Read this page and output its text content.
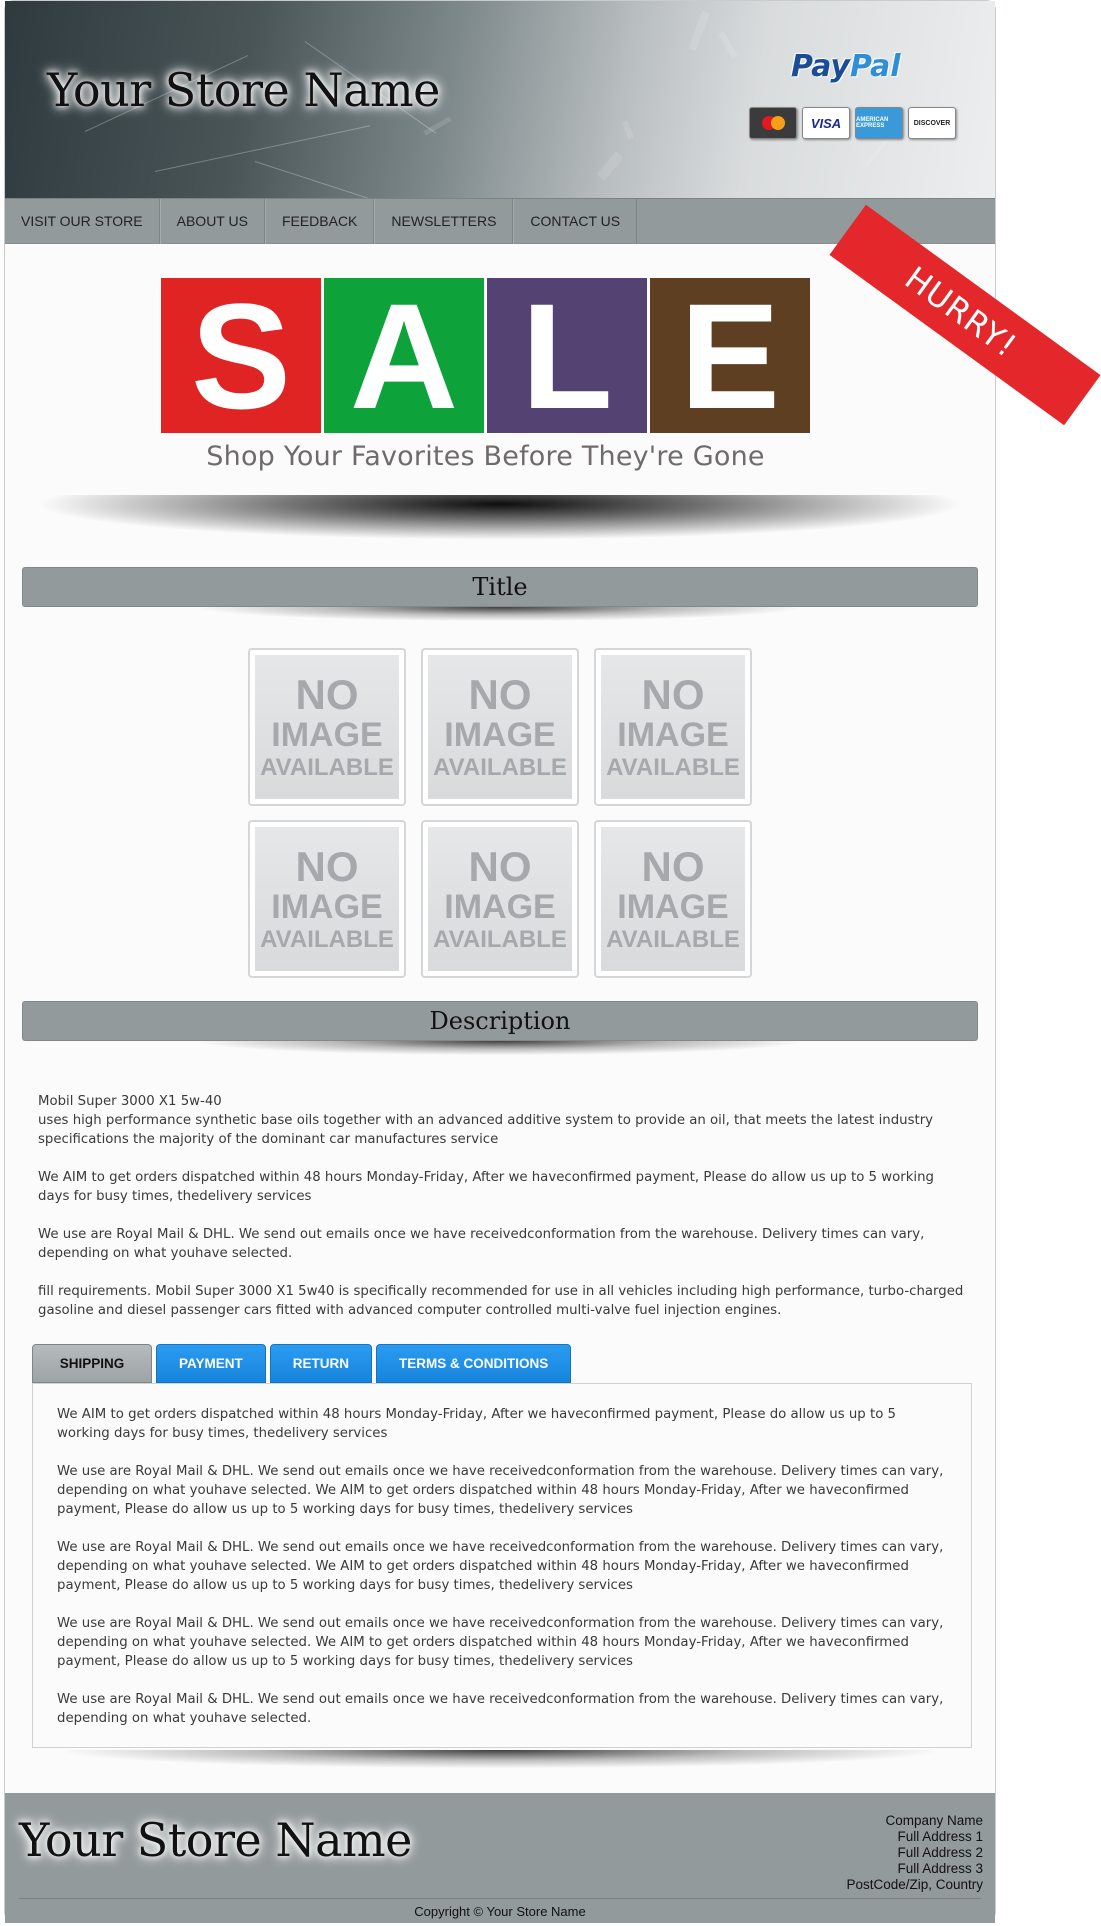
Your Store Name	PayPal
VISA	AMERICAN EXPRESS	DISCOVER
VISIT OUR STORE	ABOUT US	FEEDBACK	NEWSLETTERS	CONTACT US
S A L E
Shop Your Favorites Before They're Gone
HURRY!
Title
NO
IMAGE
AVAILABLE
NO
IMAGE
AVAILABLE
NO
IMAGE
AVAILABLE
NO
IMAGE
AVAILABLE
NO
IMAGE
AVAILABLE
NO
IMAGE
AVAILABLE
Description

Mobil Super 3000 X1 5w-40
uses high performance synthetic base oils together with an advanced additive system to provide an oil, that meets the latest industry specifications the majority of the dominant car manufactures service

We AIM to get orders dispatched within 48 hours Monday-Friday, After we haveconfirmed payment, Please do allow us up to 5 working days for busy times, thedelivery services

We use are Royal Mail & DHL. We send out emails once we have receivedconformation from the warehouse. Delivery times can vary, depending on what youhave selected.

fill requirements. Mobil Super 3000 X1 5w40 is specifically recommended for use in all vehicles including high performance, turbo-charged gasoline and diesel passenger cars fitted with advanced computer controlled multi-valve fuel injection engines.

SHIPPING	PAYMENT	RETURN	TERMS & CONDITIONS

We AIM to get orders dispatched within 48 hours Monday-Friday, After we haveconfirmed payment, Please do allow us up to 5 working days for busy times, thedelivery services

We use are Royal Mail & DHL. We send out emails once we have receivedconformation from the warehouse. Delivery times can vary, depending on what youhave selected. We AIM to get orders dispatched within 48 hours Monday-Friday, After we haveconfirmed payment, Please do allow us up to 5 working days for busy times, thedelivery services

We use are Royal Mail & DHL. We send out emails once we have receivedconformation from the warehouse. Delivery times can vary, depending on what youhave selected. We AIM to get orders dispatched within 48 hours Monday-Friday, After we haveconfirmed payment, Please do allow us up to 5 working days for busy times, thedelivery services

We use are Royal Mail & DHL. We send out emails once we have receivedconformation from the warehouse. Delivery times can vary, depending on what youhave selected. We AIM to get orders dispatched within 48 hours Monday-Friday, After we haveconfirmed payment, Please do allow us up to 5 working days for busy times, thedelivery services

We use are Royal Mail & DHL. We send out emails once we have receivedconformation from the warehouse. Delivery times can vary, depending on what youhave selected.

Your Store Name	Company Name
Full Address 1
Full Address 2
Full Address 3
PostCode/Zip, Country
Copyright © Your Store Name
